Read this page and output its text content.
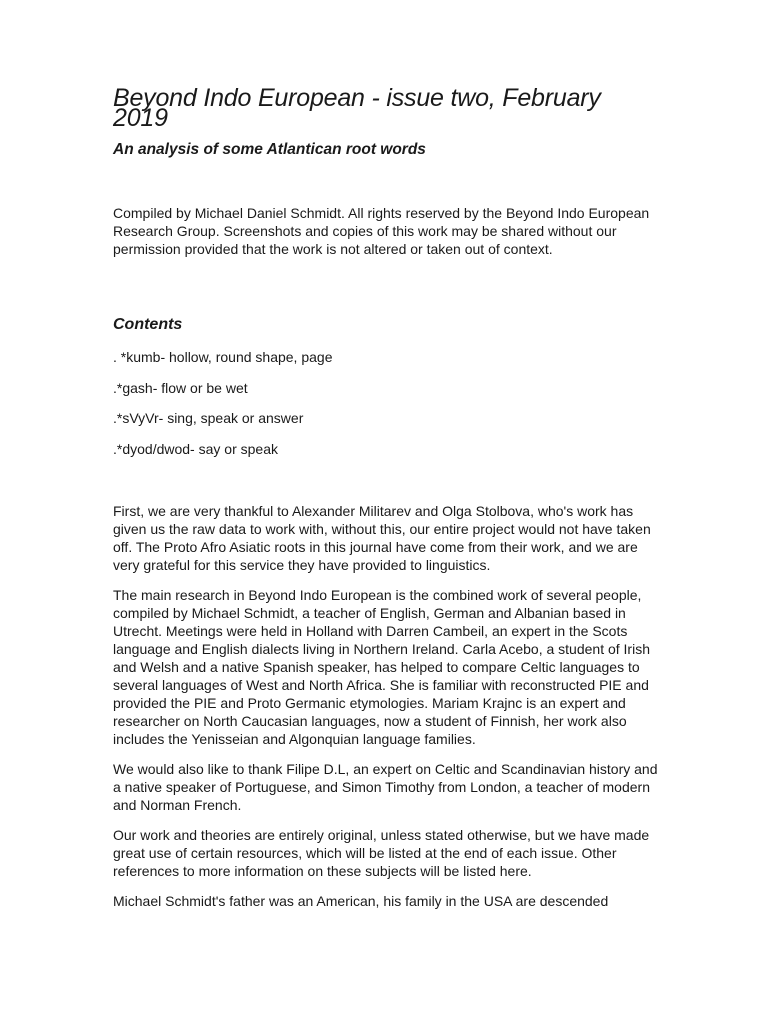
Beyond Indo European - issue two, February 2019
An analysis of some Atlantican root words

Compiled by Michael Daniel Schmidt. All rights reserved by the Beyond Indo European Research Group. Screenshots and copies of this work may be shared without our permission provided that the work is not altered or taken out of context.

Contents
. *kumb- hollow, round shape, page
.*gash- flow or be wet
.*sVyVr- sing, speak or answer
.*dyod/dwod- say or speak

First, we are very thankful to Alexander Militarev and Olga Stolbova, who's work has given us the raw data to work with, without this, our entire project would not have taken off. The Proto Afro Asiatic roots in this journal have come from their work, and we are very grateful for this service they have provided to linguistics.

The main research in Beyond Indo European is the combined work of several people, compiled by Michael Schmidt, a teacher of English, German and Albanian based in Utrecht. Meetings were held in Holland with Darren Cambeil, an expert in the Scots language and English dialects living in Northern Ireland. Carla Acebo, a student of Irish and Welsh and a native Spanish speaker, has helped to compare Celtic languages to several languages of West and North Africa. She is familiar with reconstructed PIE and provided the PIE and Proto Germanic etymologies. Mariam Krajnc is an expert and researcher on North Caucasian languages, now a student of Finnish, her work also includes the Yenisseian and Algonquian language families.

We would also like to thank Filipe D.L, an expert on Celtic and Scandinavian history and a native speaker of Portuguese, and Simon Timothy from London, a teacher of modern and Norman French.

Our work and theories are entirely original, unless stated otherwise, but we have made great use of certain resources, which will be listed at the end of each issue. Other references to more information on these subjects will be listed here.

Michael Schmidt's father was an American, his family in the USA are descended
